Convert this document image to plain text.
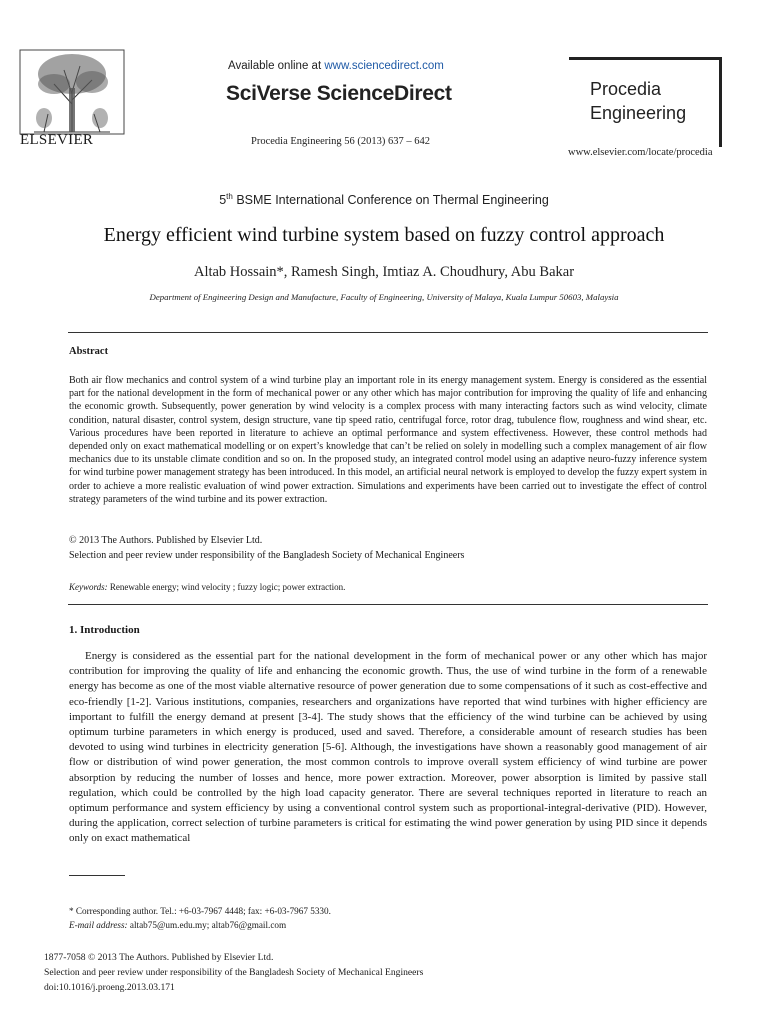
ELSEVIER
Available online at www.sciencedirect.com
SciVerse ScienceDirect
Procedia Engineering 56 (2013) 637 – 642
Procedia
Engineering
www.elsevier.com/locate/procedia
5th BSME International Conference on Thermal Engineering
Energy efficient wind turbine system based on fuzzy control approach
Altab Hossain*, Ramesh Singh, Imtiaz A. Choudhury, Abu Bakar
Department of Engineering Design and Manufacture, Faculty of Engineering, University of Malaya, Kuala Lumpur 50603, Malaysia
Abstract
Both air flow mechanics and control system of a wind turbine play an important role in its energy management system. Energy is considered as the essential part for the national development in the form of mechanical power or any other which has major contribution for improving the quality of life and enhancing the economic growth. Subsequently, power generation by wind velocity is a complex process with many interacting factors such as wind velocity, climate condition, natural disaster, control system, design structure, vane tip speed ratio, centrifugal force, rotor drag, tubulence flow, roughness and wind shear, etc. Various procedures have been reported in literature to achieve an optimal performance and system effectiveness. However, these control methods had depended only on exact mathematical modelling or on expert’s knowledge that can’t be relied on solely in modelling such a complex management of air flow mechanics due to its unstable climate condition and so on. In the proposed study, an integrated control model using an adaptive neuro-fuzzy inference system for wind turbine power management strategy has been introduced. In this model, an artificial neural network is employed to develop the fuzzy expert system in order to achieve a more realistic evaluation of wind power extraction. Simulations and experiments have been carried out to investigate the effect of control strategy parameters of the wind turbine and its power extraction.
© 2013 The Authors. Published by Elsevier Ltd.
Selection and peer review under responsibility of the Bangladesh Society of Mechanical Engineers
Keywords: Renewable energy; wind velocity ; fuzzy logic; power extraction.
1. Introduction
Energy is considered as the essential part for the national development in the form of mechanical power or any other which has major contribution for improving the quality of life and enhancing the economic growth. Thus, the use of wind turbine in the form of a renewable energy has become as one of the most viable alternative resource of power generation due to some compensations of it such as cost-effective and eco-friendly [1-2]. Various institutions, companies, researchers and organizations have reported that wind turbines with higher efficiency are important to fulfill the energy demand at present [3-4]. The study shows that the efficiency of the wind turbine can be achieved by using optimum turbine parameters in which energy is produced, used and saved. Therefore, a considerable amount of research studies has been devoted to using wind turbines in electricity generation [5-6]. Although, the investigations have shown a reasonably good management of air flow or distribution of wind power generation, the most common controls to improve overall system efficiency of wind turbine are power absorption by reducing the number of losses and hence, more power extraction. Moreover, power absorption is limited by passive stall regulation, which could be controlled by the high load capacity generator. There are several techniques reported in literature to reach an optimum performance and system efficiency by using a conventional control system such as proportional-integral-derivative (PID). However, during the application, correct selection of turbine parameters is critical for estimating the wind power generation by using PID since it depends only on exact mathematical
* Corresponding author. Tel.: +6-03-7967 4448; fax: +6-03-7967 5330.
E-mail address: altab75@um.edu.my; altab76@gmail.com
1877-7058 © 2013 The Authors. Published by Elsevier Ltd.
Selection and peer review under responsibility of the Bangladesh Society of Mechanical Engineers
doi:10.1016/j.proeng.2013.03.171
